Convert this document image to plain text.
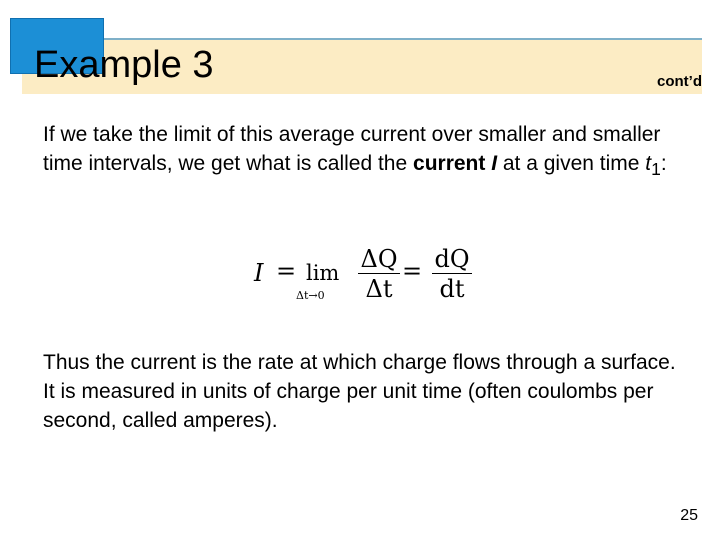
Example 3	cont’d

If we take the limit of this average current over smaller and smaller time intervals, we get what is called the current I at a given time $t_1$:

I = lim
Δt→0
ΔQ
Δt
= dQ
dt

Thus the current is the rate at which charge flows through a surface. It is measured in units of charge per unit time (often coulombs per second, called amperes).

25
